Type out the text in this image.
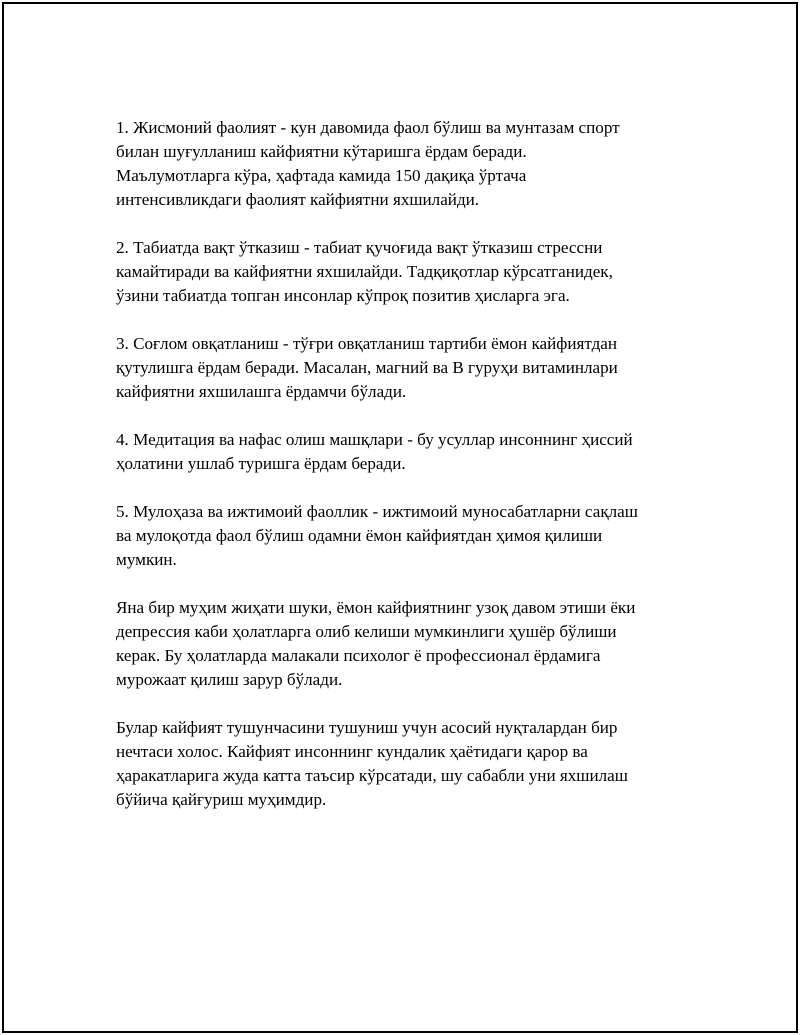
1. Жисмоний фаолият - кун давомида фаол бўлиш ва мунтазам спорт
билан шуғулланиш кайфиятни кўтаришга ёрдам беради.
Маълумотларга кўра, ҳафтада камида 150 дақиқа ўртача
интенсивликдаги фаолият кайфиятни яхшилайди.

2. Табиатда вақт ўтказиш - табиат қучоғида вақт ўтказиш стрессни
камайтиради ва кайфиятни яхшилайди. Тадқиқотлар кўрсатганидек,
ўзини табиатда топган инсонлар кўпроқ позитив ҳисларга эга.

3. Соғлом овқатланиш - тўғри овқатланиш тартиби ёмон кайфиятдан
қутулишга ёрдам беради. Масалан, магний ва В гуруҳи витаминлари
кайфиятни яхшилашга ёрдамчи бўлади.

4. Медитация ва нафас олиш машқлари - бу усуллар инсоннинг ҳиссий
ҳолатини ушлаб туришга ёрдам беради.

5. Мулоҳаза ва ижтимоий фаоллик - ижтимоий муносабатларни сақлаш
ва мулоқотда фаол бўлиш одамни ёмон кайфиятдан ҳимоя қилиши
мумкин.

Яна бир муҳим жиҳати шуки, ёмон кайфиятнинг узоқ давом этиши ёки
депрессия каби ҳолатларга олиб келиши мумкинлиги ҳушёр бўлиши
керак. Бу ҳолатларда малакали психолог ё профессионал ёрдамига
мурожаат қилиш зарур бўлади.

Булар кайфият тушунчасини тушуниш учун асосий нуқталардан бир
нечтаси холос. Кайфият инсоннинг кундалик ҳаётидаги қарор ва
ҳаракатларига жуда катта таъсир кўрсатади, шу сабабли уни яхшилаш
бўйича қайғуриш муҳимдир.
